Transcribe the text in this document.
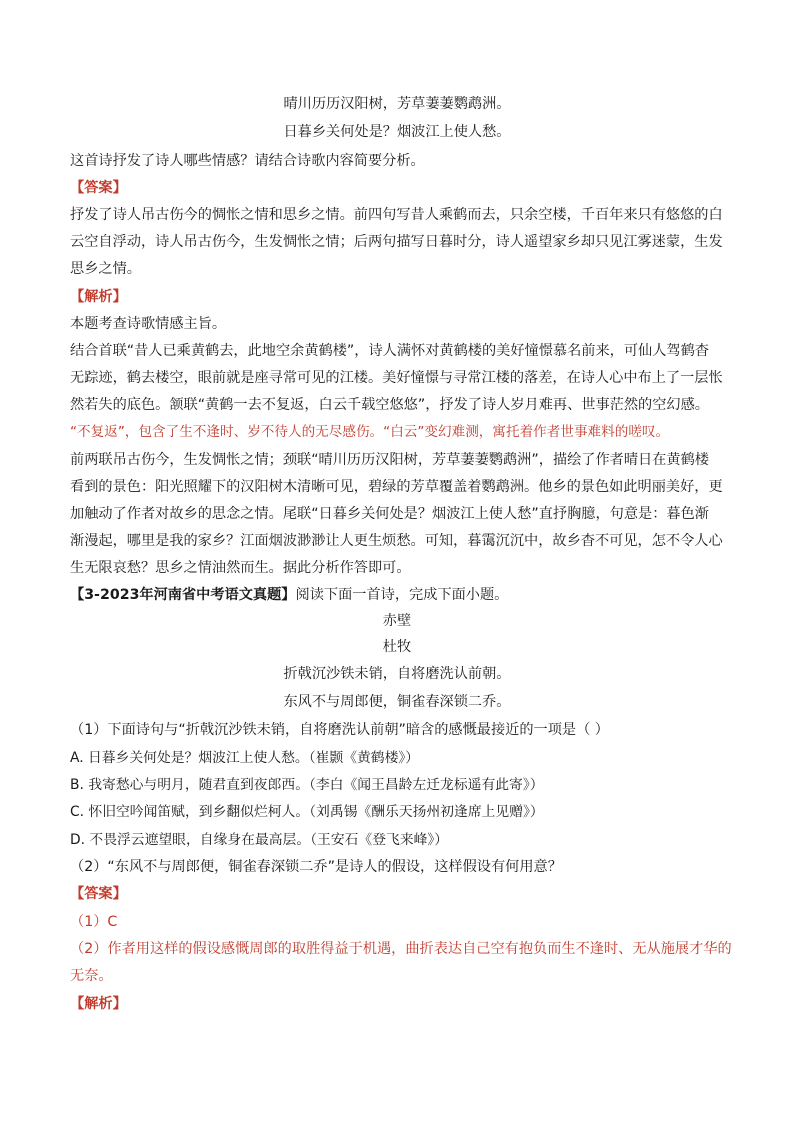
晴川历历汉阳树，芳草萋萋鹦鹉洲。

日暮乡关何处是？烟波江上使人愁。

这首诗抒发了诗人哪些情感？请结合诗歌内容简要分析。

【答案】

抒发了诗人吊古伤今的惆怅之情和思乡之情。前四句写昔人乘鹤而去，只余空楼，千百年来只有悠悠的白

云空自浮动，诗人吊古伤今，生发惆怅之情；后两句描写日暮时分，诗人遥望家乡却只见江雾迷蒙，生发

思乡之情。

【解析】

本题考查诗歌情感主旨。

结合首联“昔人已乘黄鹤去，此地空余黄鹤楼”，诗人满怀对黄鹤楼的美好憧憬慕名前来，可仙人驾鹤杳

无踪迹，鹤去楼空，眼前就是座寻常可见的江楼。美好憧憬与寻常江楼的落差，在诗人心中布上了一层怅

然若失的底色。颔联“黄鹤一去不复返，白云千载空悠悠”，抒发了诗人岁月难再、世事茫然的空幻感。

“不复返”，包含了生不逢时、岁不待人的无尽感伤。“白云”变幻难测，寓托着作者世事难料的嗟叹。

前两联吊古伤今，生发惆怅之情；颈联“晴川历历汉阳树，芳草萋萋鹦鹉洲”，描绘了作者晴日在黄鹤楼

看到的景色：阳光照耀下的汉阳树木清晰可见，碧绿的芳草覆盖着鹦鹉洲。他乡的景色如此明丽美好，更

加触动了作者对故乡的思念之情。尾联“日暮乡关何处是？烟波江上使人愁”直抒胸臆，句意是：暮色渐

渐漫起，哪里是我的家乡？江面烟波渺渺让人更生烦愁。可知，暮霭沉沉中，故乡杳不可见，怎不令人心

生无限哀愁？思乡之情油然而生。据此分析作答即可。

【3-2023年河南省中考语文真题】阅读下面一首诗，完成下面小题。

赤壁

杜牧

折戟沉沙铁未销，自将磨洗认前朝。

东风不与周郎便，铜雀春深锁二乔。

（1）下面诗句与“折戟沉沙铁未销，自将磨洗认前朝”暗含的感慨最接近的一项是（ ）

A. 日暮乡关何处是？烟波江上使人愁。（崔颢《黄鹤楼》）

B. 我寄愁心与明月，随君直到夜郎西。（李白《闻王昌龄左迁龙标遥有此寄》）

C. 怀旧空吟闻笛赋，到乡翻似烂柯人。（刘禹锡《酬乐天扬州初逢席上见赠》）

D. 不畏浮云遮望眼，自缘身在最高层。（王安石《登飞来峰》）

（2）“东风不与周郎便，铜雀春深锁二乔”是诗人的假设，这样假设有何用意？

【答案】

（1）C

（2）作者用这样的假设感慨周郎的取胜得益于机遇，曲折表达自己空有抱负而生不逢时、无从施展才华的

无奈。

【解析】
